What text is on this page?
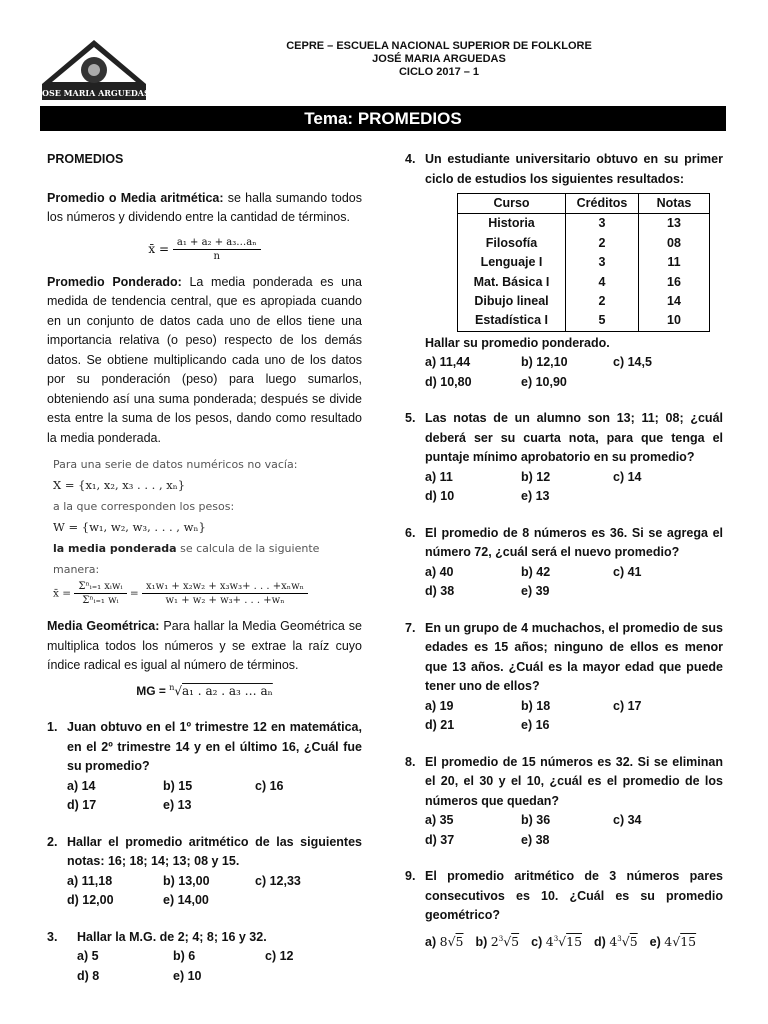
JOSE MARIA ARGUEDAS
CEPRE – ESCUELA NACIONAL SUPERIOR DE FOLKLORE
JOSÉ MARIA ARGUEDAS
CICLO 2017 – 1
Tema: PROMEDIOS
PROMEDIOS

Promedio o Media aritmética: se halla sumando todos los números y dividendo entre la cantidad de términos.

x̄ = $\frac{\text{a₁ + a₂ + a₃…aₙ}}{n}$

Promedio Ponderado: La media ponderada es una medida de tendencia central, que es apropiada cuando en un conjunto de datos cada uno de ellos tiene una importancia relativa (o peso) respecto de los demás datos. Se obtiene multiplicando cada uno de los datos por su ponderación (peso) para luego sumarlos, obteniendo así una suma ponderada; después se divide esta entre la suma de los pesos, dando como resultado la media ponderada.

Para una serie de datos numéricos no vacía:
X = {x₁, x₂, x₃ . . . , xₙ}
a la que corresponden los pesos:
W = {w₁, w₂, w₃, . . . , wₙ}
la media ponderada se calcula de la siguiente manera:
x̄ = $\frac{\text{Σⁿᵢ₌₁ xᵢwᵢ}}{\text{Σⁿᵢ₌₁ wᵢ}} = \frac{\text{x₁w₁ + x₂w₂ + x₃w₃+ . . . +xₙwₙ}}{\text{w₁ + w₂ + w₃+ . . . +wₙ}}$

Media Geométrica: Para hallar la Media Geométrica se multiplica todos los números y se extrae la raíz cuyo índice radical es igual al número de términos.

MG = $^n$√a₁ . a₂ . a₃ … aₙ
1. Juan obtuvo en el 1º trimestre 12 en matemática, en el 2º trimestre 14 y en el último 16, ¿Cuál fue su promedio?

a) 14	b) 15	c) 16
d) 17	e) 13
2. Hallar el promedio aritmético de las siguientes notas: 16; 18; 14; 13; 08 y 15.

a) 11,18	b) 13,00	c) 12,33
d) 12,00	e) 14,00
3.	Hallar la M.G. de 2; 4; 8; 16 y 32.

a) 5	b) 6	c) 12
d) 8	e) 10
4. Un estudiante universitario obtuvo en su primer ciclo de estudios los siguientes resultados:

Curso	Créditos	Notas
Historia	3	13
Filosofía	2	08
Lenguaje I	3	11
Mat. Básica I	4	16
Dibujo lineal	2	14
Estadística I	5	10

Hallar su promedio ponderado.

a) 11,44	b) 12,10	c) 14,5
d) 10,80	e) 10,90
5. Las notas de un alumno son 13; 11; 08; ¿cuál deberá ser su cuarta nota, para que tenga el puntaje mínimo aprobatorio en su promedio?

a) 11	b) 12	c) 14
d) 10	e) 13
6. El promedio de 8 números es 36. Si se agrega el número 72, ¿cuál será el nuevo promedio?

a) 40	b) 42	c) 41
d) 38	e) 39
7. En un grupo de 4 muchachos, el promedio de sus edades es 15 años; ninguno de ellos es menor que 13 años. ¿Cuál es la mayor edad que puede tener uno de ellos?

a) 19	b) 18	c) 17
d) 21	e) 16
8. El promedio de 15 números es 32. Si se eliminan el 20, el 30 y el 10, ¿cuál es el promedio de los números que quedan?

a) 35	b) 36	c) 34
d) 37	e) 38
9. El promedio aritmético de 3 números pares consecutivos es 10. ¿Cuál es su promedio geométrico?

a) 8√5 b) $2^3√5$ c) $4^3√15$ d) $4^3√5$ e) 4√15
